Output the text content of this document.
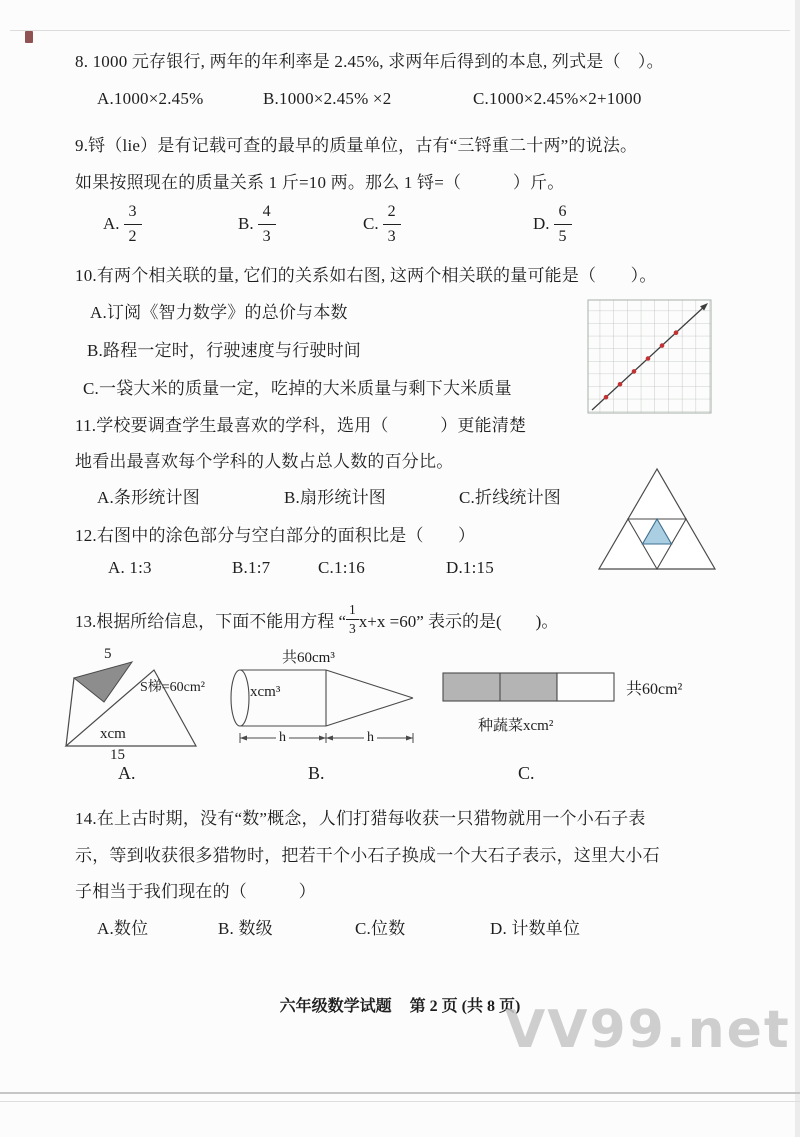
8. 1000 元存银行, 两年的年利率是 2.45%, 求两年后得到的本息, 列式是（　）。
A.1000×2.45%	B.1000×2.45% ×2	C.1000×2.45%×2+1000
9.锊（lie）是有记载可查的最早的质量单位，古有“三锊重二十两”的说法。
如果按照现在的质量关系 1 斤=10 两。那么 1 锊=（　　　）斤。
A. $\frac{3}{2}$	B. $\frac{4}{3}$	C. $\frac{2}{3}$	D. $\frac{6}{5}$
10.有两个相关联的量, 它们的关系如右图, 这两个相关联的量可能是（　　）。
A.订阅《智力数学》的总价与本数
B.路程一定时，行驶速度与行驶时间
C.一袋大米的质量一定，吃掉的大米质量与剩下大米质量
11.学校要调查学生最喜欢的学科，选用（　　　）更能清楚
地看出最喜欢每个学科的人数占总人数的百分比。
A.条形统计图	B.扇形统计图	C.折线统计图
12.右图中的涂色部分与空白部分的面积比是（　　）
A. 1:3	B.1:7	C.1:16	D.1:15
13.根据所给信息，下面不能用方程 “ $\frac{1}{3} x+x =60$” 表示的是(　　)。
5
S梯=60cm²
xcm
15
共60cm³
xcm³
h	h
共60cm²
种蔬菜xcm²
A.	B.	C.
14.在上古时期，没有“数”概念，人们打猎每收获一只猎物就用一个小石子表
示，等到收获很多猎物时，把若干个小石子换成一个大石子表示，这里大小石
子相当于我们现在的（　　　）
A.数位	B. 数级	C.位数	D. 计数单位
六年级数学试题 第 2 页 (共 8 页)
VV99.net
